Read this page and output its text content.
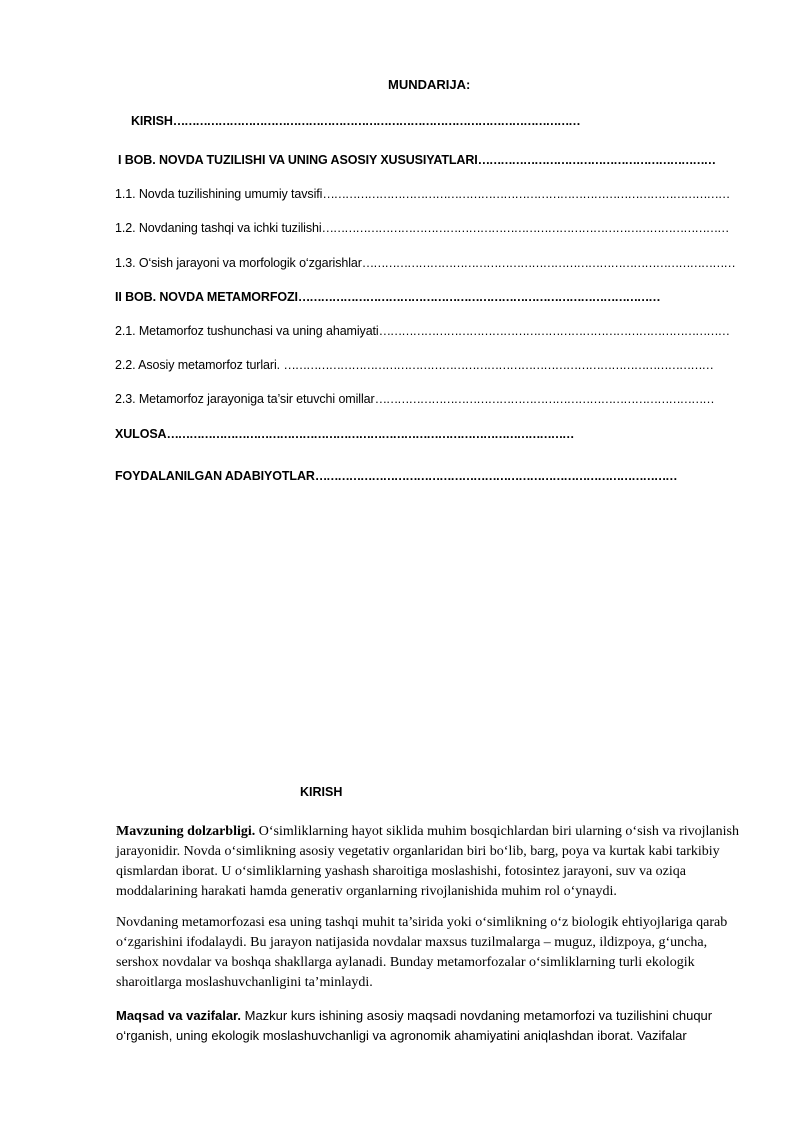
MUNDARIJA:
KIRISH………………………………………………………………………………………………
I BOB. NOVDA TUZILISHI VA UNING ASOSIY XUSUSIYATLARI………………………………………………………
1.1. Novda tuzilishining umumiy tavsifi………………………………………………………………………………………………
1.2. Novdaning tashqi va ichki tuzilishi………………………………………………………………………………………………
1.3. O‘sish jarayoni va morfologik o‘zgarishlar………………………………………………………………………………………
II BOB. NOVDA METAMORFOZI……………………………………………………………………………………
2.1. Metamorfoz tushunchasi va uning ahamiyati…………………………………………………………………………………
2.2. Asosiy metamorfoz turlari. ……………………………………………………………………………………………………
2.3. Metamorfoz jarayoniga ta’sir etuvchi omillar………………………………………………………………………………
XULOSA………………………………………………………………………………………………
FOYDALANILGAN ADABIYOTLAR……………………………………………………………………………………
KIRISH
Mavzuning dolzarbligi. O‘simliklarning hayot siklida muhim bosqichlardan biri ularning o‘sish va rivojlanish jarayonidir. Novda o‘simlikning asosiy vegetativ organlaridan biri bo‘lib, barg, poya va kurtak kabi tarkibiy qismlardan iborat. U o‘simliklarning yashash sharoitiga moslashishi, fotosintez jarayoni, suv va oziqa moddalarining harakati hamda generativ organlarning rivojlanishida muhim rol o‘ynaydi.
Novdaning metamorfozasi esa uning tashqi muhit ta’sirida yoki o‘simlikning o‘z biologik ehtiyojlariga qarab o‘zgarishini ifodalaydi. Bu jarayon natijasida novdalar maxsus tuzilmalarga – muguz, ildizpoya, g‘uncha, sershox novdalar va boshqa shakllarga aylanadi. Bunday metamorfozalar o‘simliklarning turli ekologik sharoitlarga moslashuvchanligini ta’minlaydi.
Maqsad va vazifalar. Mazkur kurs ishining asosiy maqsadi novdaning metamorfozi va tuzilishini chuqur o‘rganish, uning ekologik moslashuvchanligi va agronomik ahamiyatini aniqlashdan iborat. Vazifalar
